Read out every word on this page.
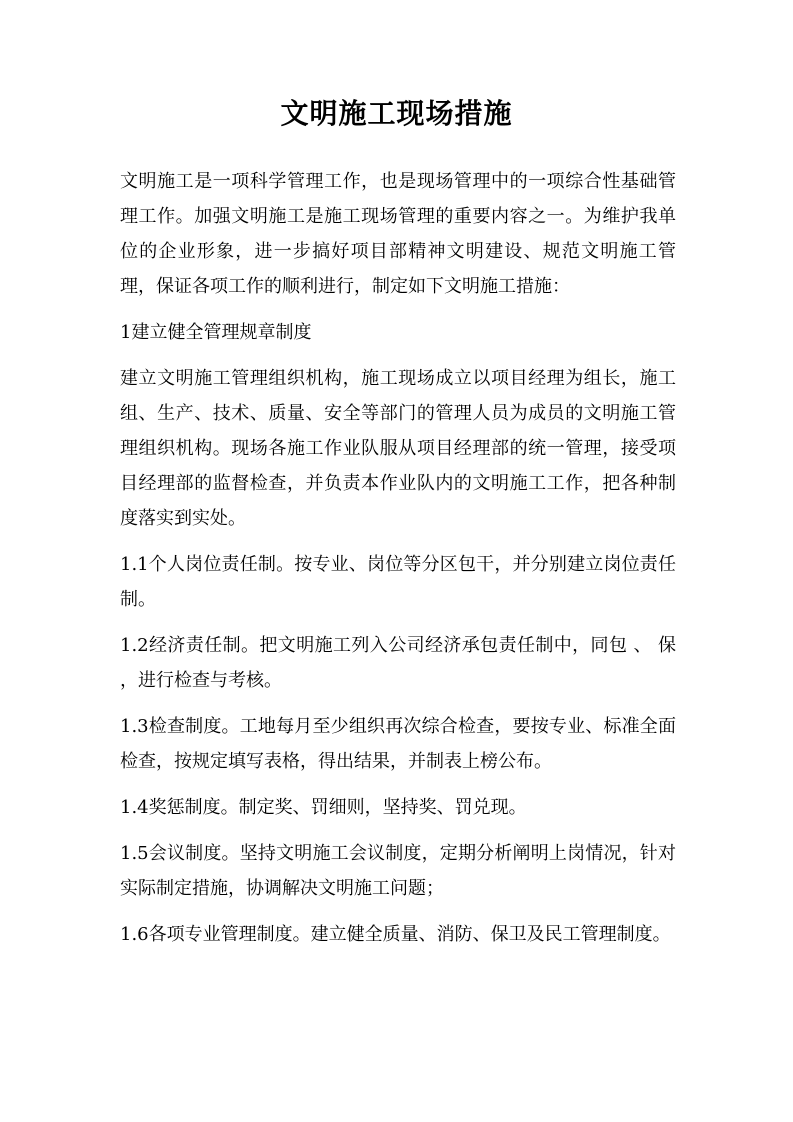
文明施工现场措施

文明施工是一项科学管理工作，也是现场管理中的一项综合性基础管理工作。加强文明施工是施工现场管理的重要内容之一。为维护我单位的企业形象，进一步搞好项目部精神文明建设、规范文明施工管理，保证各项工作的顺利进行，制定如下文明施工措施：

1建立健全管理规章制度

建立文明施工管理组织机构，施工现场成立以项目经理为组长，施工组、生产、技术、质量、安全等部门的管理人员为成员的文明施工管理组织机构。现场各施工作业队服从项目经理部的统一管理，接受项目经理部的监督检查，并负责本作业队内的文明施工工作，把各种制度落实到实处。

1.1个人岗位责任制。按专业、岗位等分区包干，并分别建立岗位责任制。

1.2经济责任制。把文明施工列入公司经济承包责任制中，同包 、 保 ，进行检查与考核。

1.3检查制度。工地每月至少组织再次综合检查，要按专业、标准全面检查，按规定填写表格，得出结果，并制表上榜公布。

1.4奖惩制度。制定奖、罚细则，坚持奖、罚兑现。

1.5会议制度。坚持文明施工会议制度，定期分析阐明上岗情况，针对实际制定措施，协调解决文明施工问题；

1.6各项专业管理制度。建立健全质量、消防、保卫及民工管理制度。
